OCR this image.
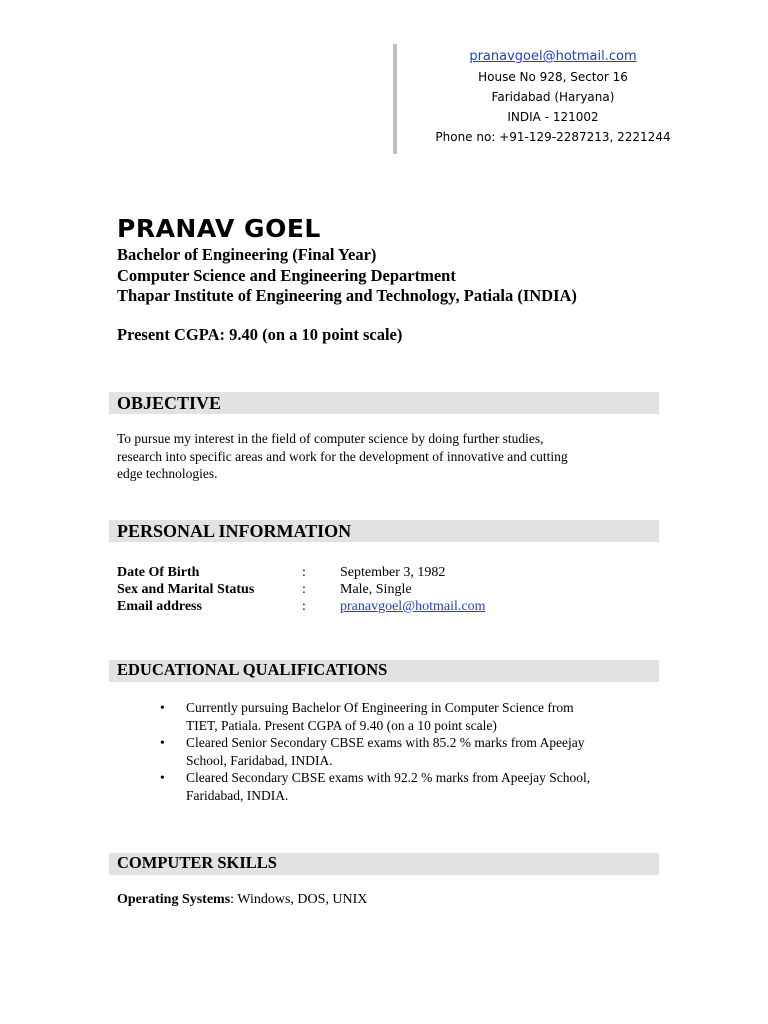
pranavgoel@hotmail.com
House No 928, Sector 16
Faridabad (Haryana)
INDIA - 121002
Phone no: +91-129-2287213, 2221244
PRANAV GOEL
Bachelor of Engineering (Final Year)
Computer Science and Engineering Department
Thapar Institute of Engineering and Technology, Patiala (INDIA)
Present CGPA: 9.40 (on a 10 point scale)
OBJECTIVE
To pursue my interest in the field of computer science by doing further studies,
research into specific areas and work for the development of innovative and cutting
edge technologies.
PERSONAL INFORMATION
Date Of Birth	:	September 3, 1982
Sex and Marital Status	:	Male, Single
Email address	:	pranavgoel@hotmail.com
EDUCATIONAL QUALIFICATIONS
• Currently pursuing Bachelor Of Engineering in Computer Science from
TIET, Patiala. Present CGPA of 9.40 (on a 10 point scale)
• Cleared Senior Secondary CBSE exams with 85.2 % marks from Apeejay
School, Faridabad, INDIA.
• Cleared Secondary CBSE exams with 92.2 % marks from Apeejay School,
Faridabad, INDIA.
COMPUTER SKILLS
Operating Systems: Windows, DOS, UNIX
